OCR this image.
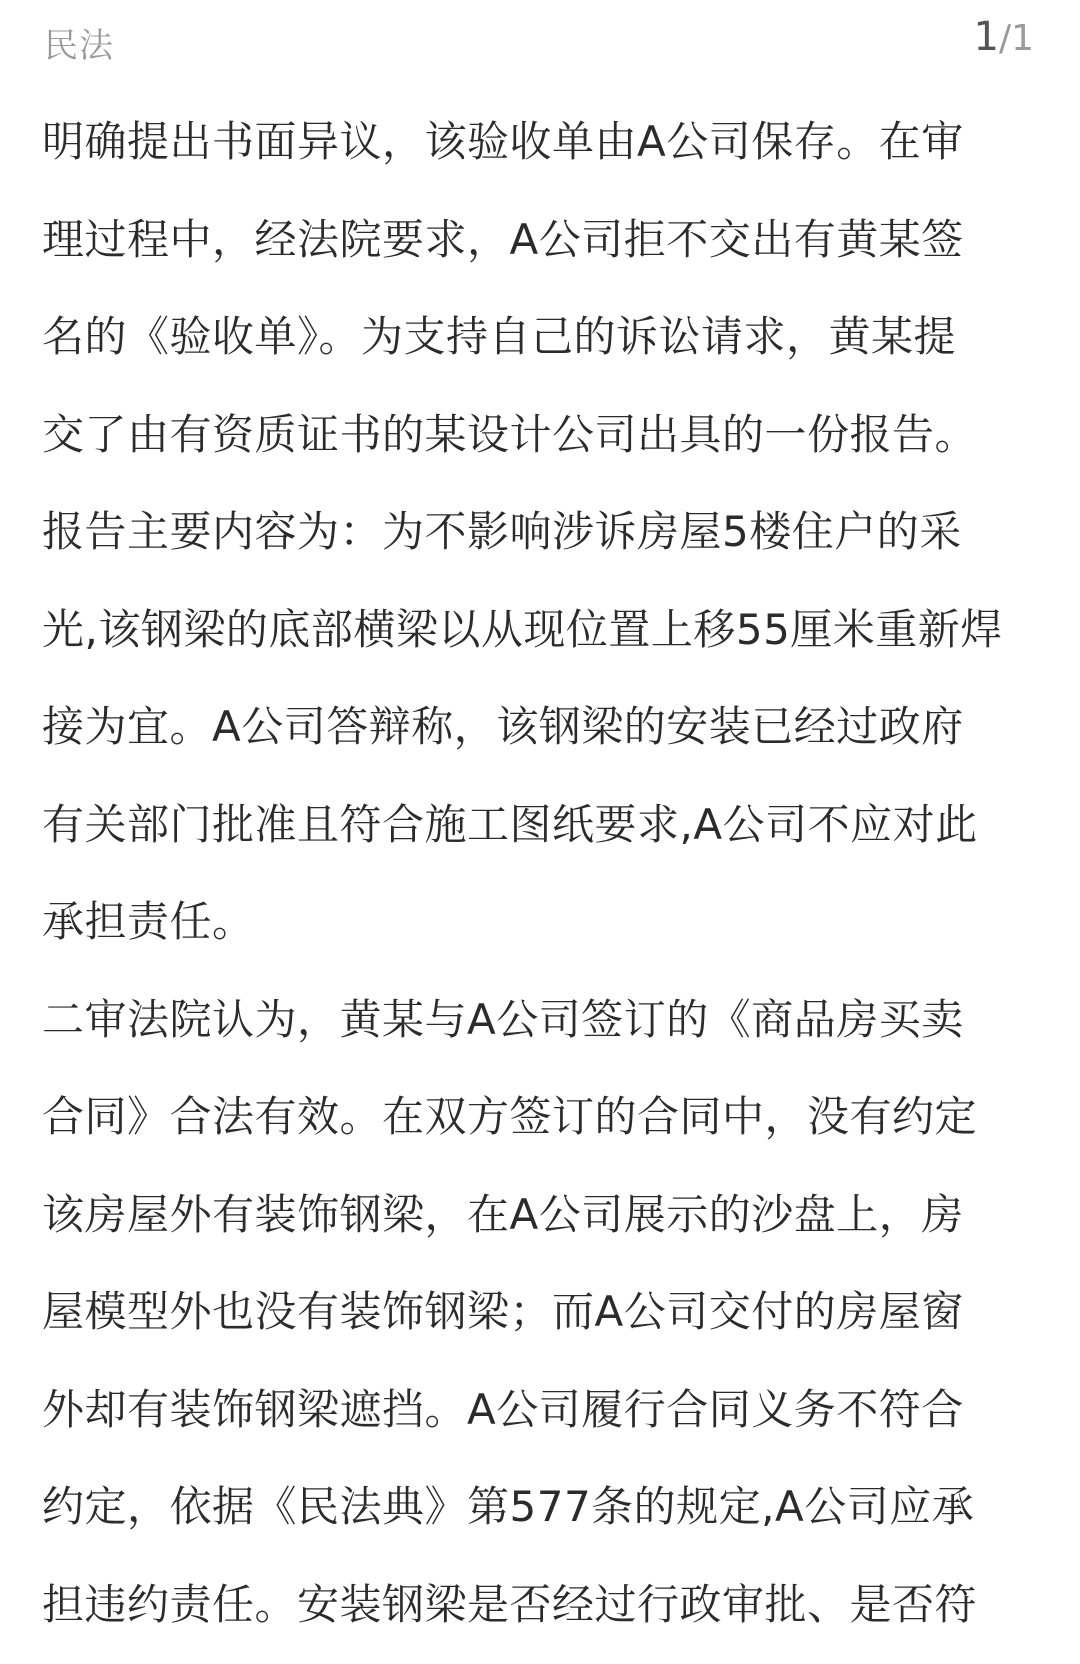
民法	1/1
明确提出书面异议，该验收单由A公司保存。在审
理过程中，经法院要求，A公司拒不交出有黄某签
名的《验收单》。为支持自己的诉讼请求，黄某提
交了由有资质证书的某设计公司出具的一份报告。
报告主要内容为：为不影响涉诉房屋5楼住户的采
光,该钢梁的底部横梁以从现位置上移55厘米重新焊
接为宜。A公司答辩称，该钢梁的安装已经过政府
有关部门批准且符合施工图纸要求,A公司不应对此
承担责任。
二审法院认为，黄某与A公司签订的《商品房买卖
合同》合法有效。在双方签订的合同中，没有约定
该房屋外有装饰钢梁，在A公司展示的沙盘上，房
屋模型外也没有装饰钢梁；而A公司交付的房屋窗
外却有装饰钢梁遮挡。A公司履行合同义务不符合
约定，依据《民法典》第577条的规定,A公司应承
担违约责任。安装钢梁是否经过行政审批、是否符
